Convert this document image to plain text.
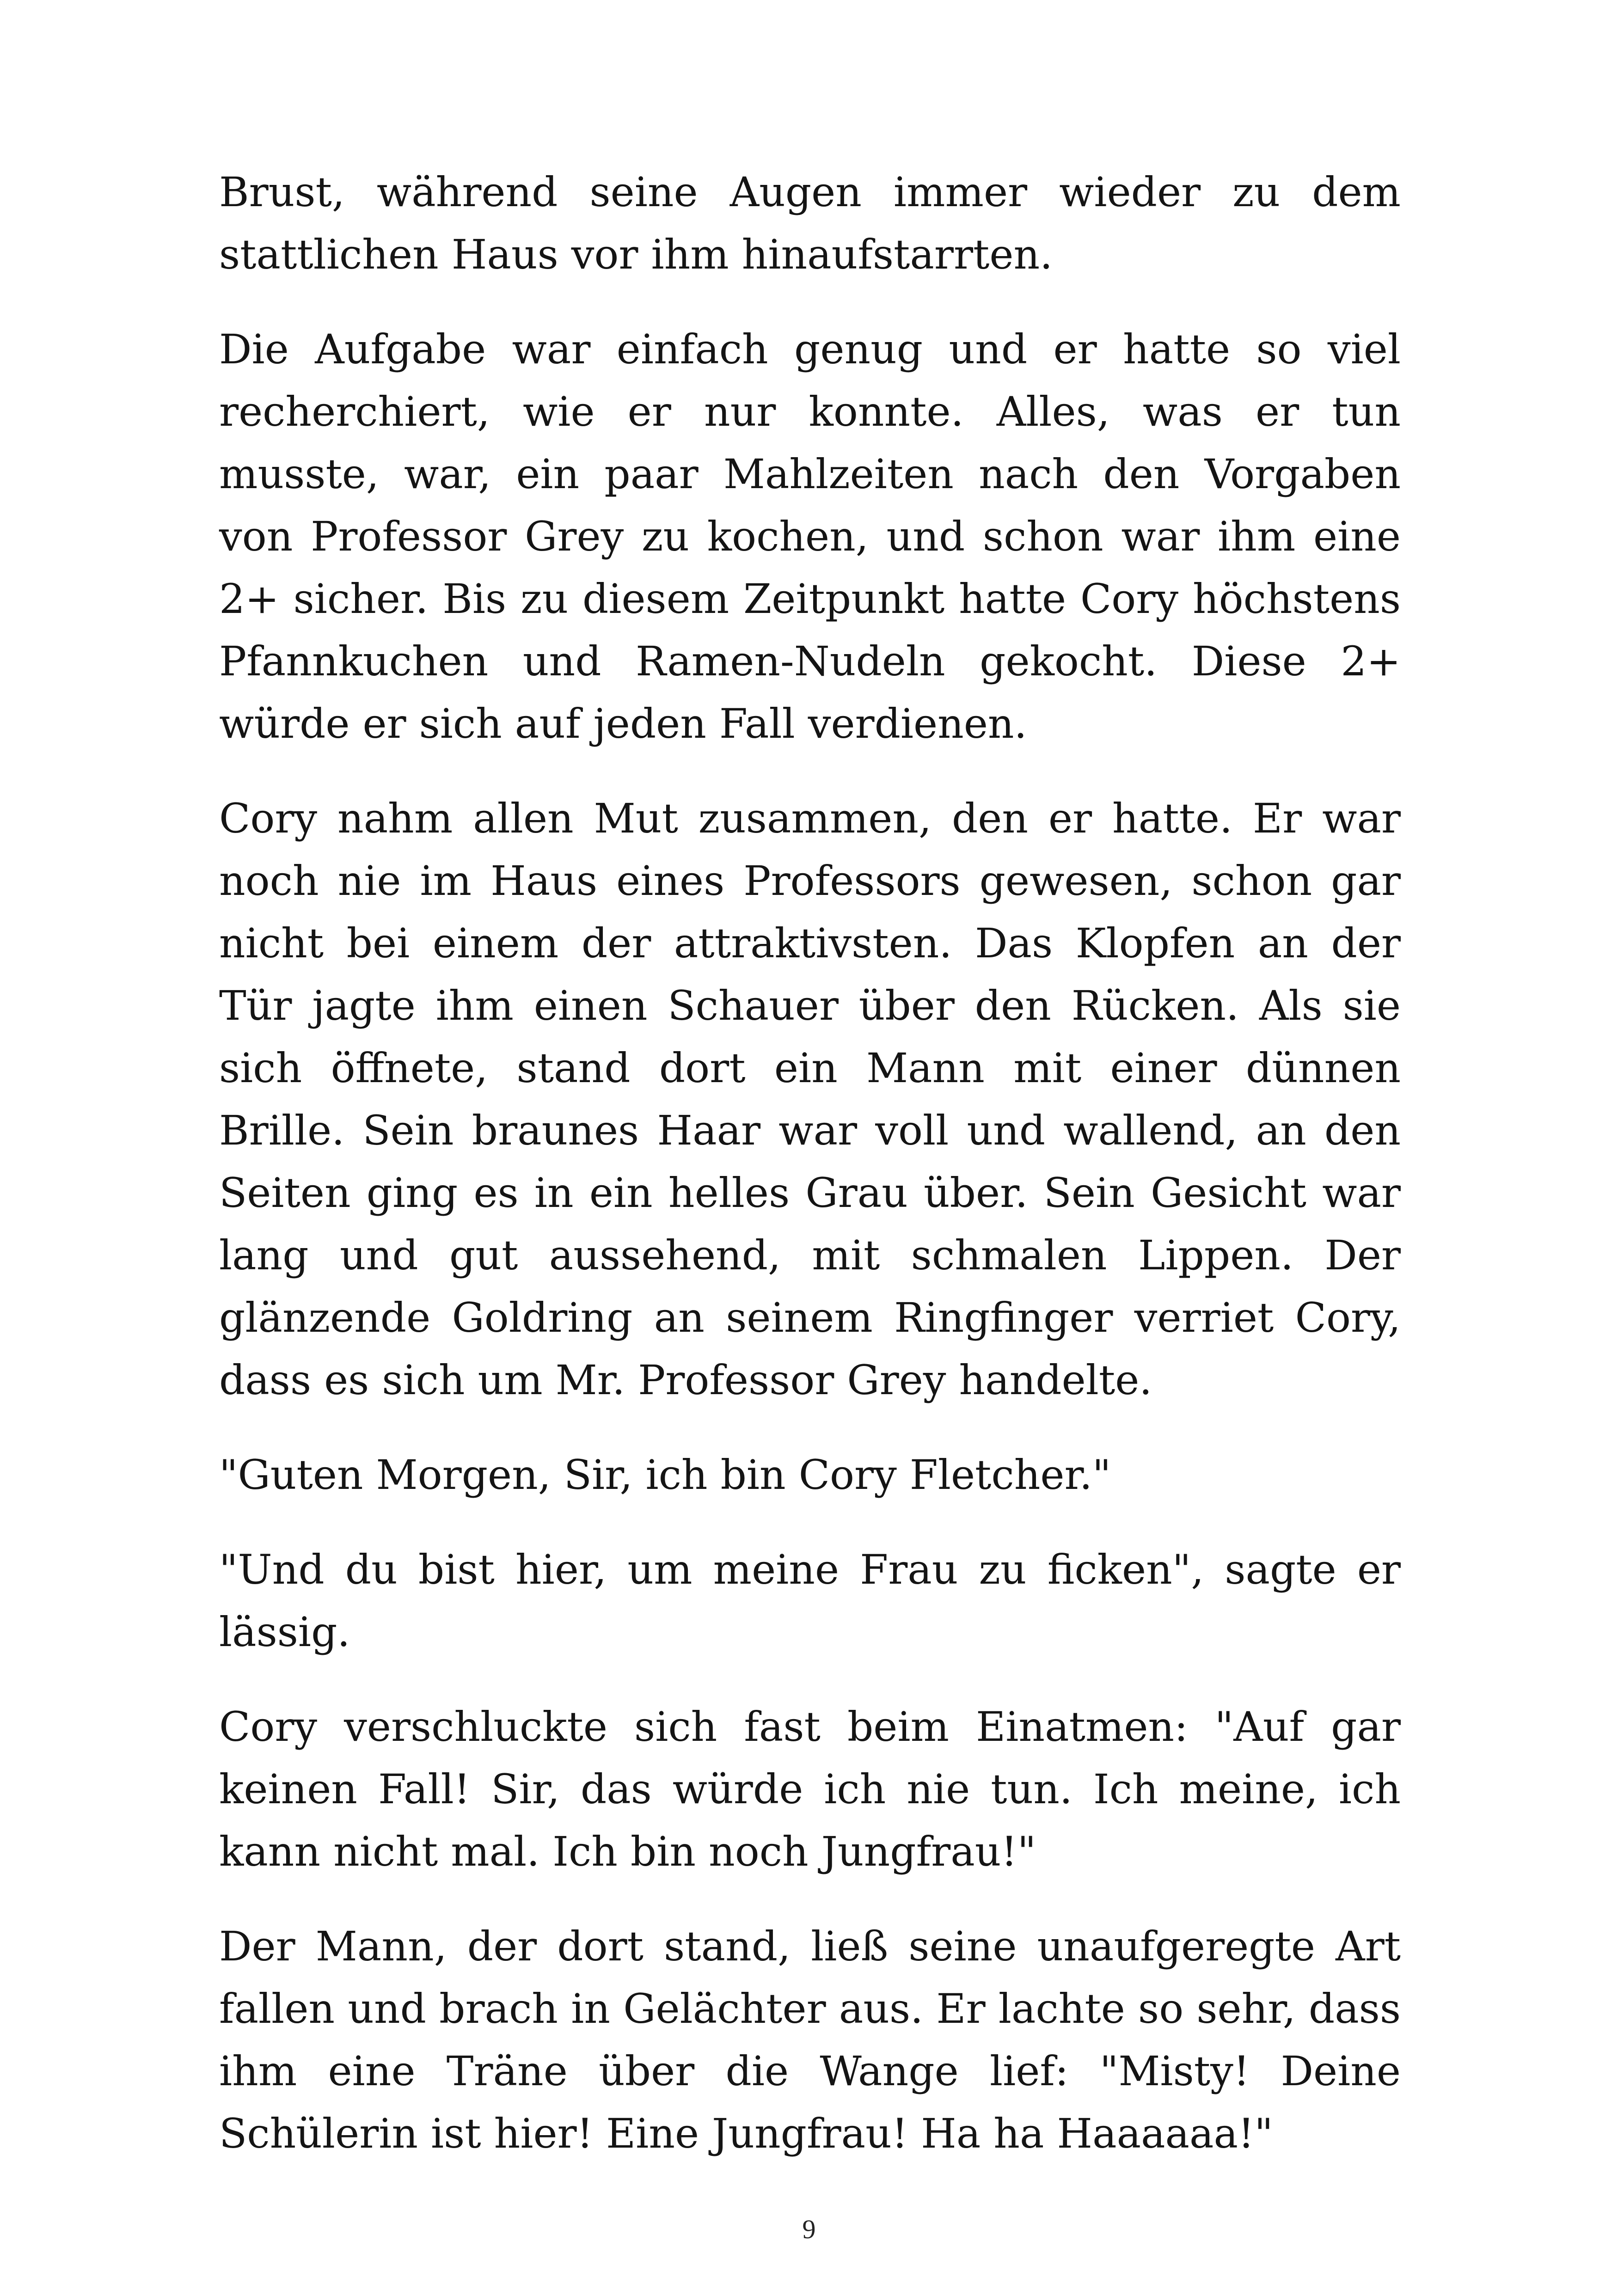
Brust, während seine Augen immer wieder zu dem stattlichen Haus vor ihm hinaufstarrten.

Die Aufgabe war einfach genug und er hatte so viel recherchiert, wie er nur konnte. Alles, was er tun musste, war, ein paar Mahlzeiten nach den Vorgaben von Professor Grey zu kochen, und schon war ihm eine 2+ sicher. Bis zu diesem Zeitpunkt hatte Cory höchstens Pfannkuchen und Ramen-Nudeln gekocht. Diese 2+ würde er sich auf jeden Fall verdienen.

Cory nahm allen Mut zusammen, den er hatte. Er war noch nie im Haus eines Professors gewesen, schon gar nicht bei einem der attraktivsten. Das Klopfen an der Tür jagte ihm einen Schauer über den Rücken. Als sie sich öffnete, stand dort ein Mann mit einer dünnen Brille. Sein braunes Haar war voll und wallend, an den Seiten ging es in ein helles Grau über. Sein Gesicht war lang und gut aussehend, mit schmalen Lippen. Der glänzende Goldring an seinem Ringfinger verriet Cory, dass es sich um Mr. Professor Grey handelte.

"Guten Morgen, Sir, ich bin Cory Fletcher."

"Und du bist hier, um meine Frau zu ficken", sagte er lässig.

Cory verschluckte sich fast beim Einatmen: "Auf gar keinen Fall! Sir, das würde ich nie tun. Ich meine, ich kann nicht mal. Ich bin noch Jungfrau!"

Der Mann, der dort stand, ließ seine unaufgeregte Art fallen und brach in Gelächter aus. Er lachte so sehr, dass ihm eine Träne über die Wange lief: "Misty! Deine Schülerin ist hier! Eine Jungfrau! Ha ha Haaaaaa!"

9
